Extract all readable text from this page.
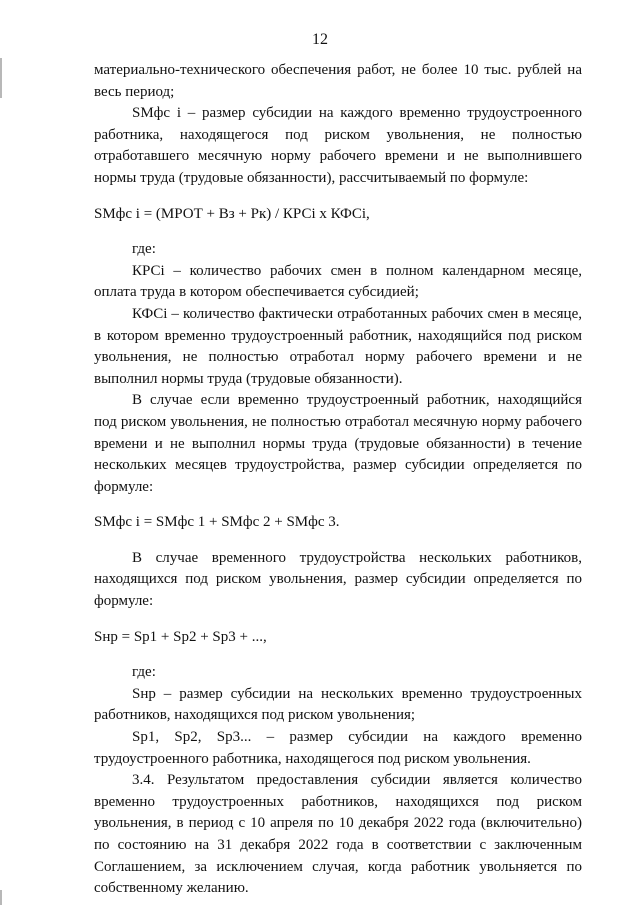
12

материально-технического обеспечения работ, не более 10 тыс. рублей на весь период;

SМфс i – размер субсидии на каждого временно трудоустроенного работника, находящегося под риском увольнения, не полностью отработавшего месячную норму рабочего времени и не выполнившего нормы труда (трудовые обязанности), рассчитываемый по формуле:

SМфс i = (МРОТ + Вз + Рк) / КРСi х КФСi,

где:

КРСi – количество рабочих смен в полном календарном месяце, оплата труда в котором обеспечивается субсидией;

КФСi – количество фактически отработанных рабочих смен в месяце, в котором временно трудоустроенный работник, находящийся под риском увольнения, не полностью отработал норму рабочего времени и не выполнил нормы труда (трудовые обязанности).

В случае если временно трудоустроенный работник, находящийся под риском увольнения, не полностью отработал месячную норму рабочего времени и не выполнил нормы труда (трудовые обязанности) в течение нескольких месяцев трудоустройства, размер субсидии определяется по формуле:

SМфс i = SМфс 1 + SМфс 2 + SМфс 3.

В случае временного трудоустройства нескольких работников, находящихся под риском увольнения, размер субсидии определяется по формуле:

Sнр = Sр1 + Sр2 + Sр3 + ...,

где:

Sнр – размер субсидии на нескольких временно трудоустроенных работников, находящихся под риском увольнения;

Sр1, Sр2, Sр3... – размер субсидии на каждого временно трудоустроенного работника, находящегося под риском увольнения.

3.4. Результатом предоставления субсидии является количество временно трудоустроенных работников, находящихся под риском увольнения, в период с 10 апреля по 10 декабря 2022 года (включительно) по состоянию на 31 декабря 2022 года в соответствии с заключенным Соглашением, за исключением случая, когда работник увольняется по собственному желанию.
